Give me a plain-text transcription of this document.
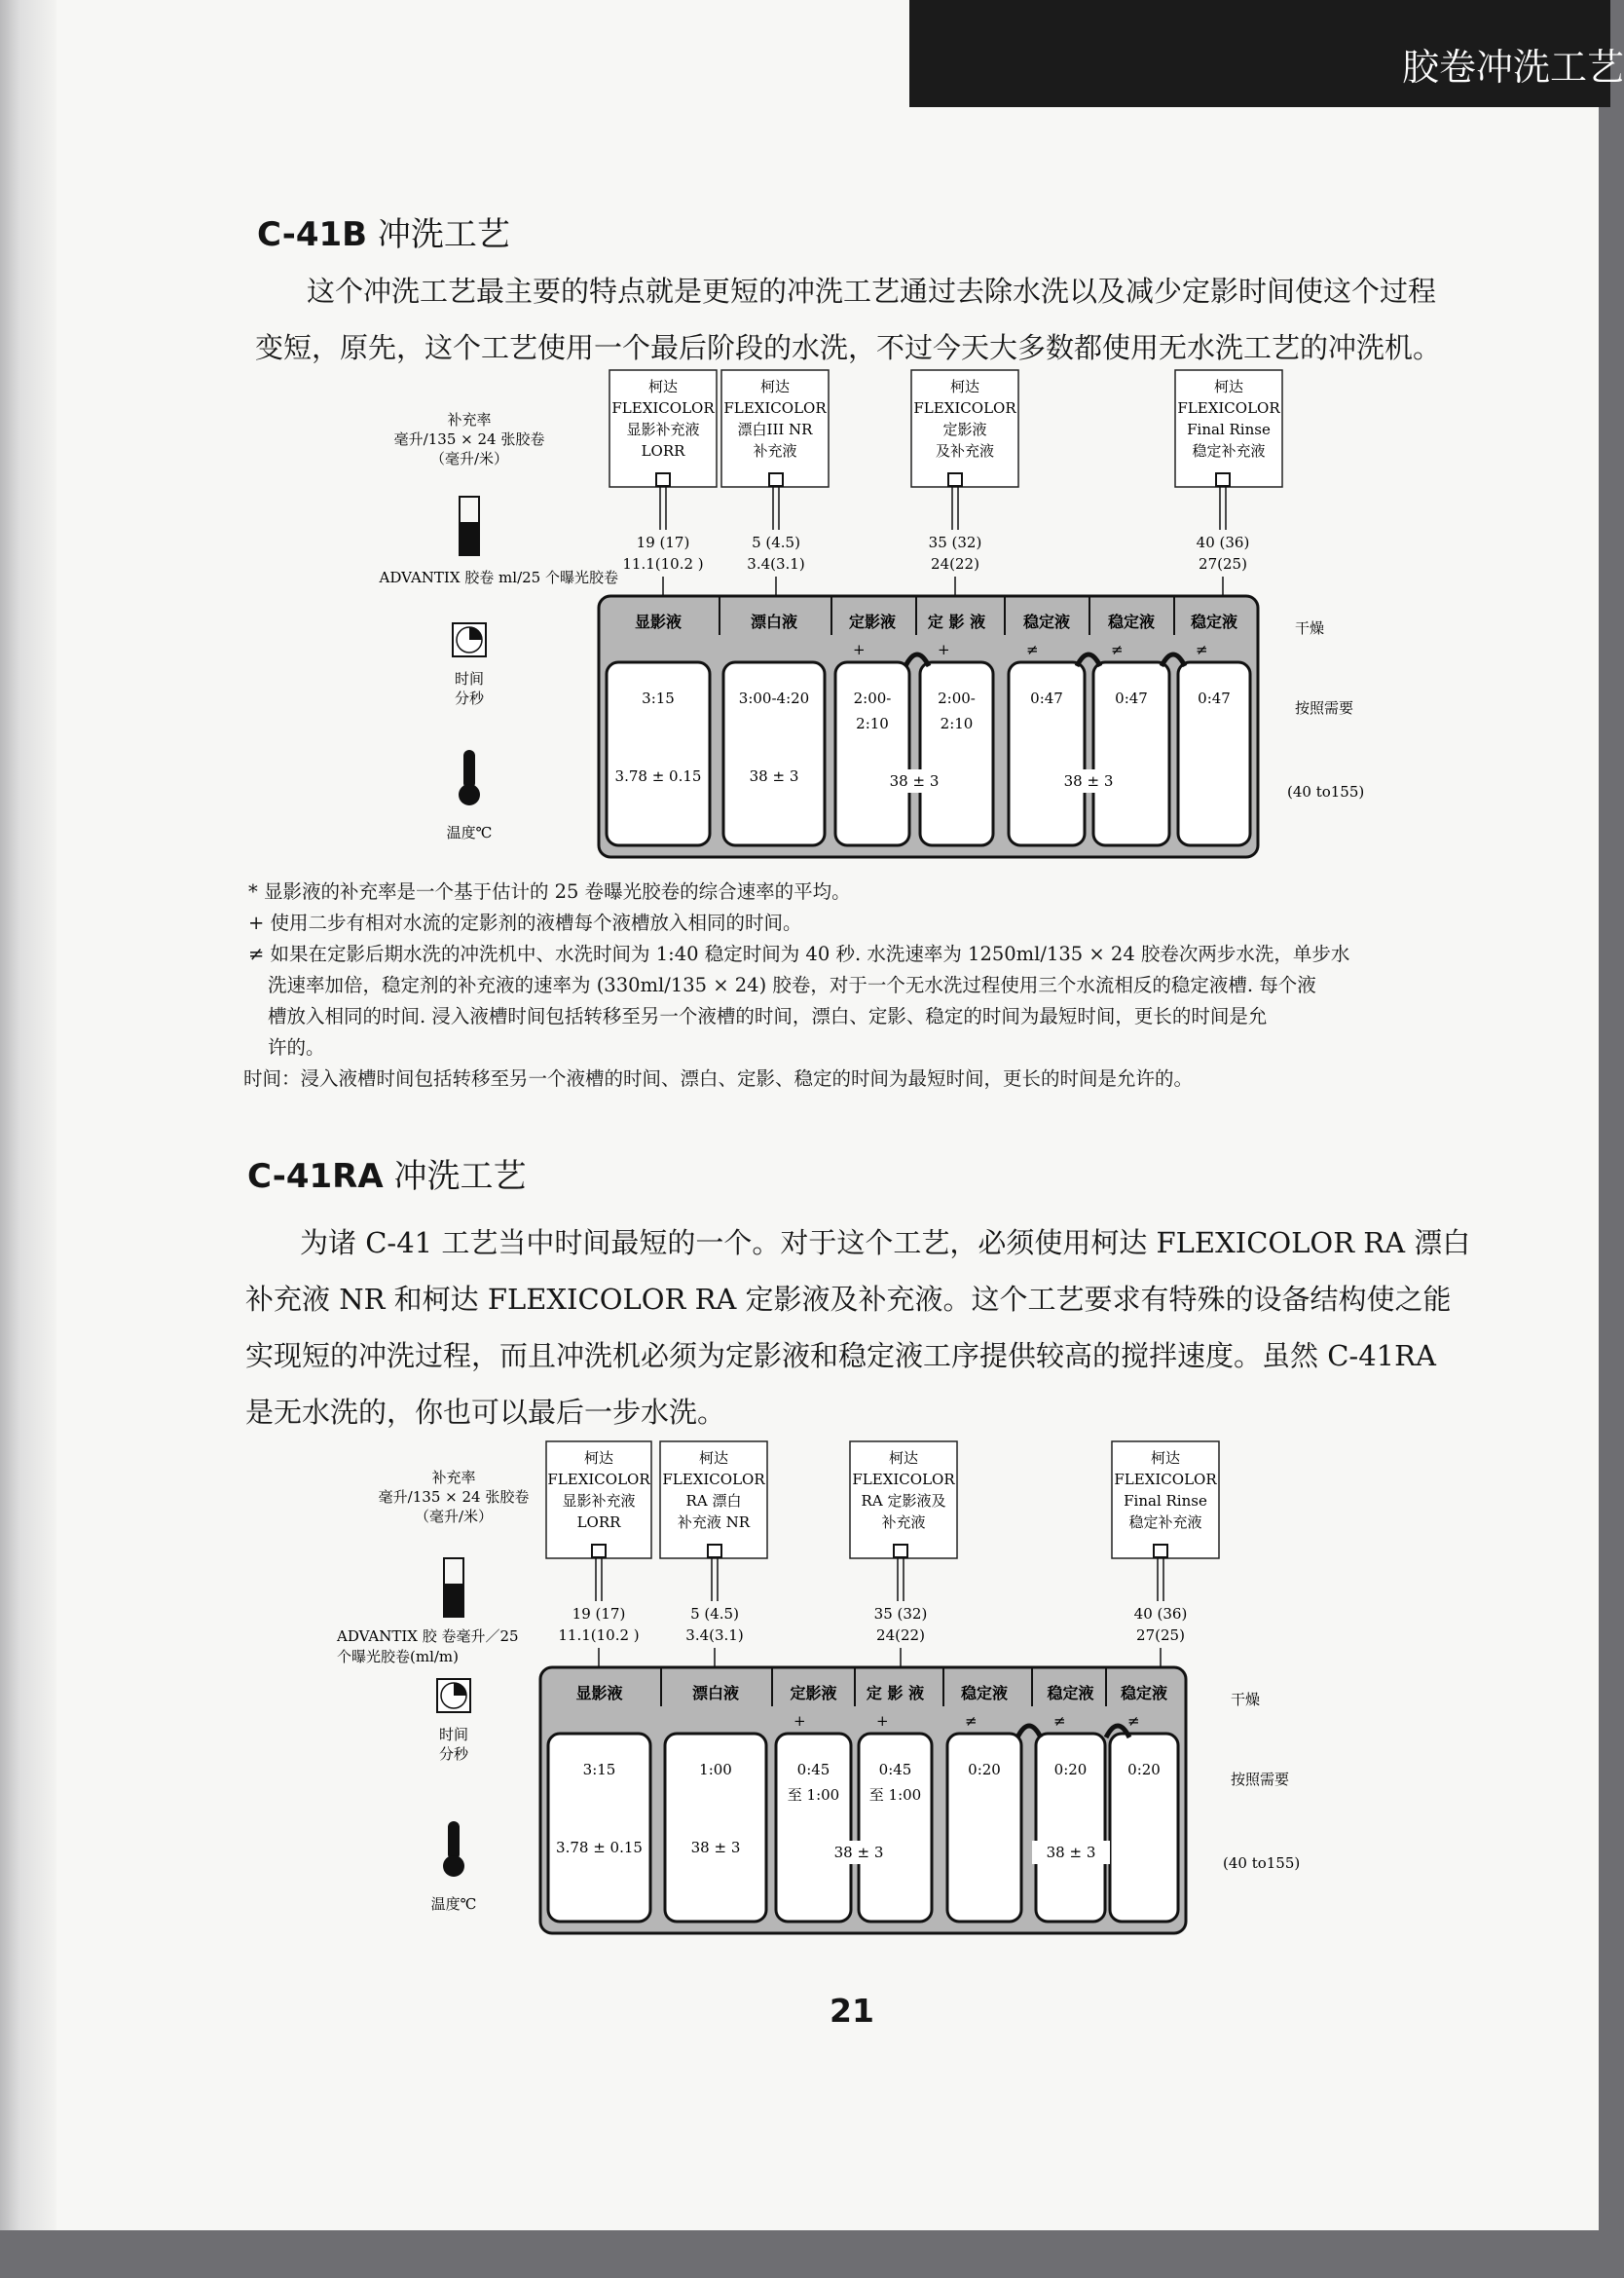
胶卷冲洗工艺
C-41B 冲洗工艺
这个冲洗工艺最主要的特点就是更短的冲洗工艺通过去除水洗以及减少定影时间使这个过程
变短，原先，这个工艺使用一个最后阶段的水洗，不过今天大多数都使用无水洗工艺的冲洗机。
补充率
毫升/135 × 24 张胶卷
（毫升/米）
ADVANTIX 胶卷 ml/25 个曝光胶卷
时间
分秒
温度℃
柯达
FLEXICOLOR
显影补充液
LORR
19 (17)
11.1(10.2 )
柯达
FLEXICOLOR
漂白III NR
补充液
5 (4.5)
3.4(3.1)
柯达
FLEXICOLOR
定影液
及补充液
35 (32)
24(22)
柯达
FLEXICOLOR
Final Rinse
稳定补充液
40 (36)
27(25)
显影液
3:15
3.78 ± 0.15
漂白液
3:00-4:20
38 ± 3
定影液
+
2:00-
2:10
定 影 液
+
2:00-
2:10
稳定液
≠
0:47
稳定液
≠
0:47
稳定液
≠
0:47
38 ± 3	38 ± 3
干燥
按照需要
(40 to155)
* 显影液的补充率是一个基于估计的 25 卷曝光胶卷的综合速率的平均。
+ 使用二步有相对水流的定影剂的液槽每个液槽放入相同的时间。
≠ 如果在定影后期水洗的冲洗机中、水洗时间为 1:40 稳定时间为 40 秒. 水洗速率为 1250ml/135 × 24 胶卷次两步水洗，单步水
洗速率加倍，稳定剂的补充液的速率为 (330ml/135 × 24) 胶卷，对于一个无水洗过程使用三个水流相反的稳定液槽. 每个液
槽放入相同的时间. 浸入液槽时间包括转移至另一个液槽的时间，漂白、定影、稳定的时间为最短时间，更长的时间是允
许的。
时间：浸入液槽时间包括转移至另一个液槽的时间、漂白、定影、稳定的时间为最短时间，更长的时间是允许的。
C-41RA 冲洗工艺
为诸 C-41 工艺当中时间最短的一个。对于这个工艺，必须使用柯达 FLEXICOLOR RA 漂白
补充液 NR 和柯达 FLEXICOLOR RA 定影液及补充液。这个工艺要求有特殊的设备结构使之能
实现短的冲洗过程，而且冲洗机必须为定影液和稳定液工序提供较高的搅拌速度。虽然 C-41RA
是无水洗的，你也可以最后一步水洗。
补充率
毫升/135 × 24 张胶卷
（毫升/米）
ADVANTIX 胶 卷毫升／25
个曝光胶卷(ml/m)
时间
分秒
温度℃
柯达
FLEXICOLOR
显影补充液
LORR
19 (17)
11.1(10.2 )
柯达
FLEXICOLOR
RA 漂白
补充液 NR
5 (4.5)
3.4(3.1)
柯达
FLEXICOLOR
RA 定影液及
补充液
35 (32)
24(22)
柯达
FLEXICOLOR
Final Rinse
稳定补充液
40 (36)
27(25)
显影液
3:15
3.78 ± 0.15
漂白液
1:00
38 ± 3
定影液
+
0:45
至 1:00
定 影 液
+
0:45
至 1:00
稳定液
≠
0:20
稳定液
≠
0:20
稳定液
≠
0:20
38 ± 3	38 ± 3
干燥
按照需要
(40 to155)
21
